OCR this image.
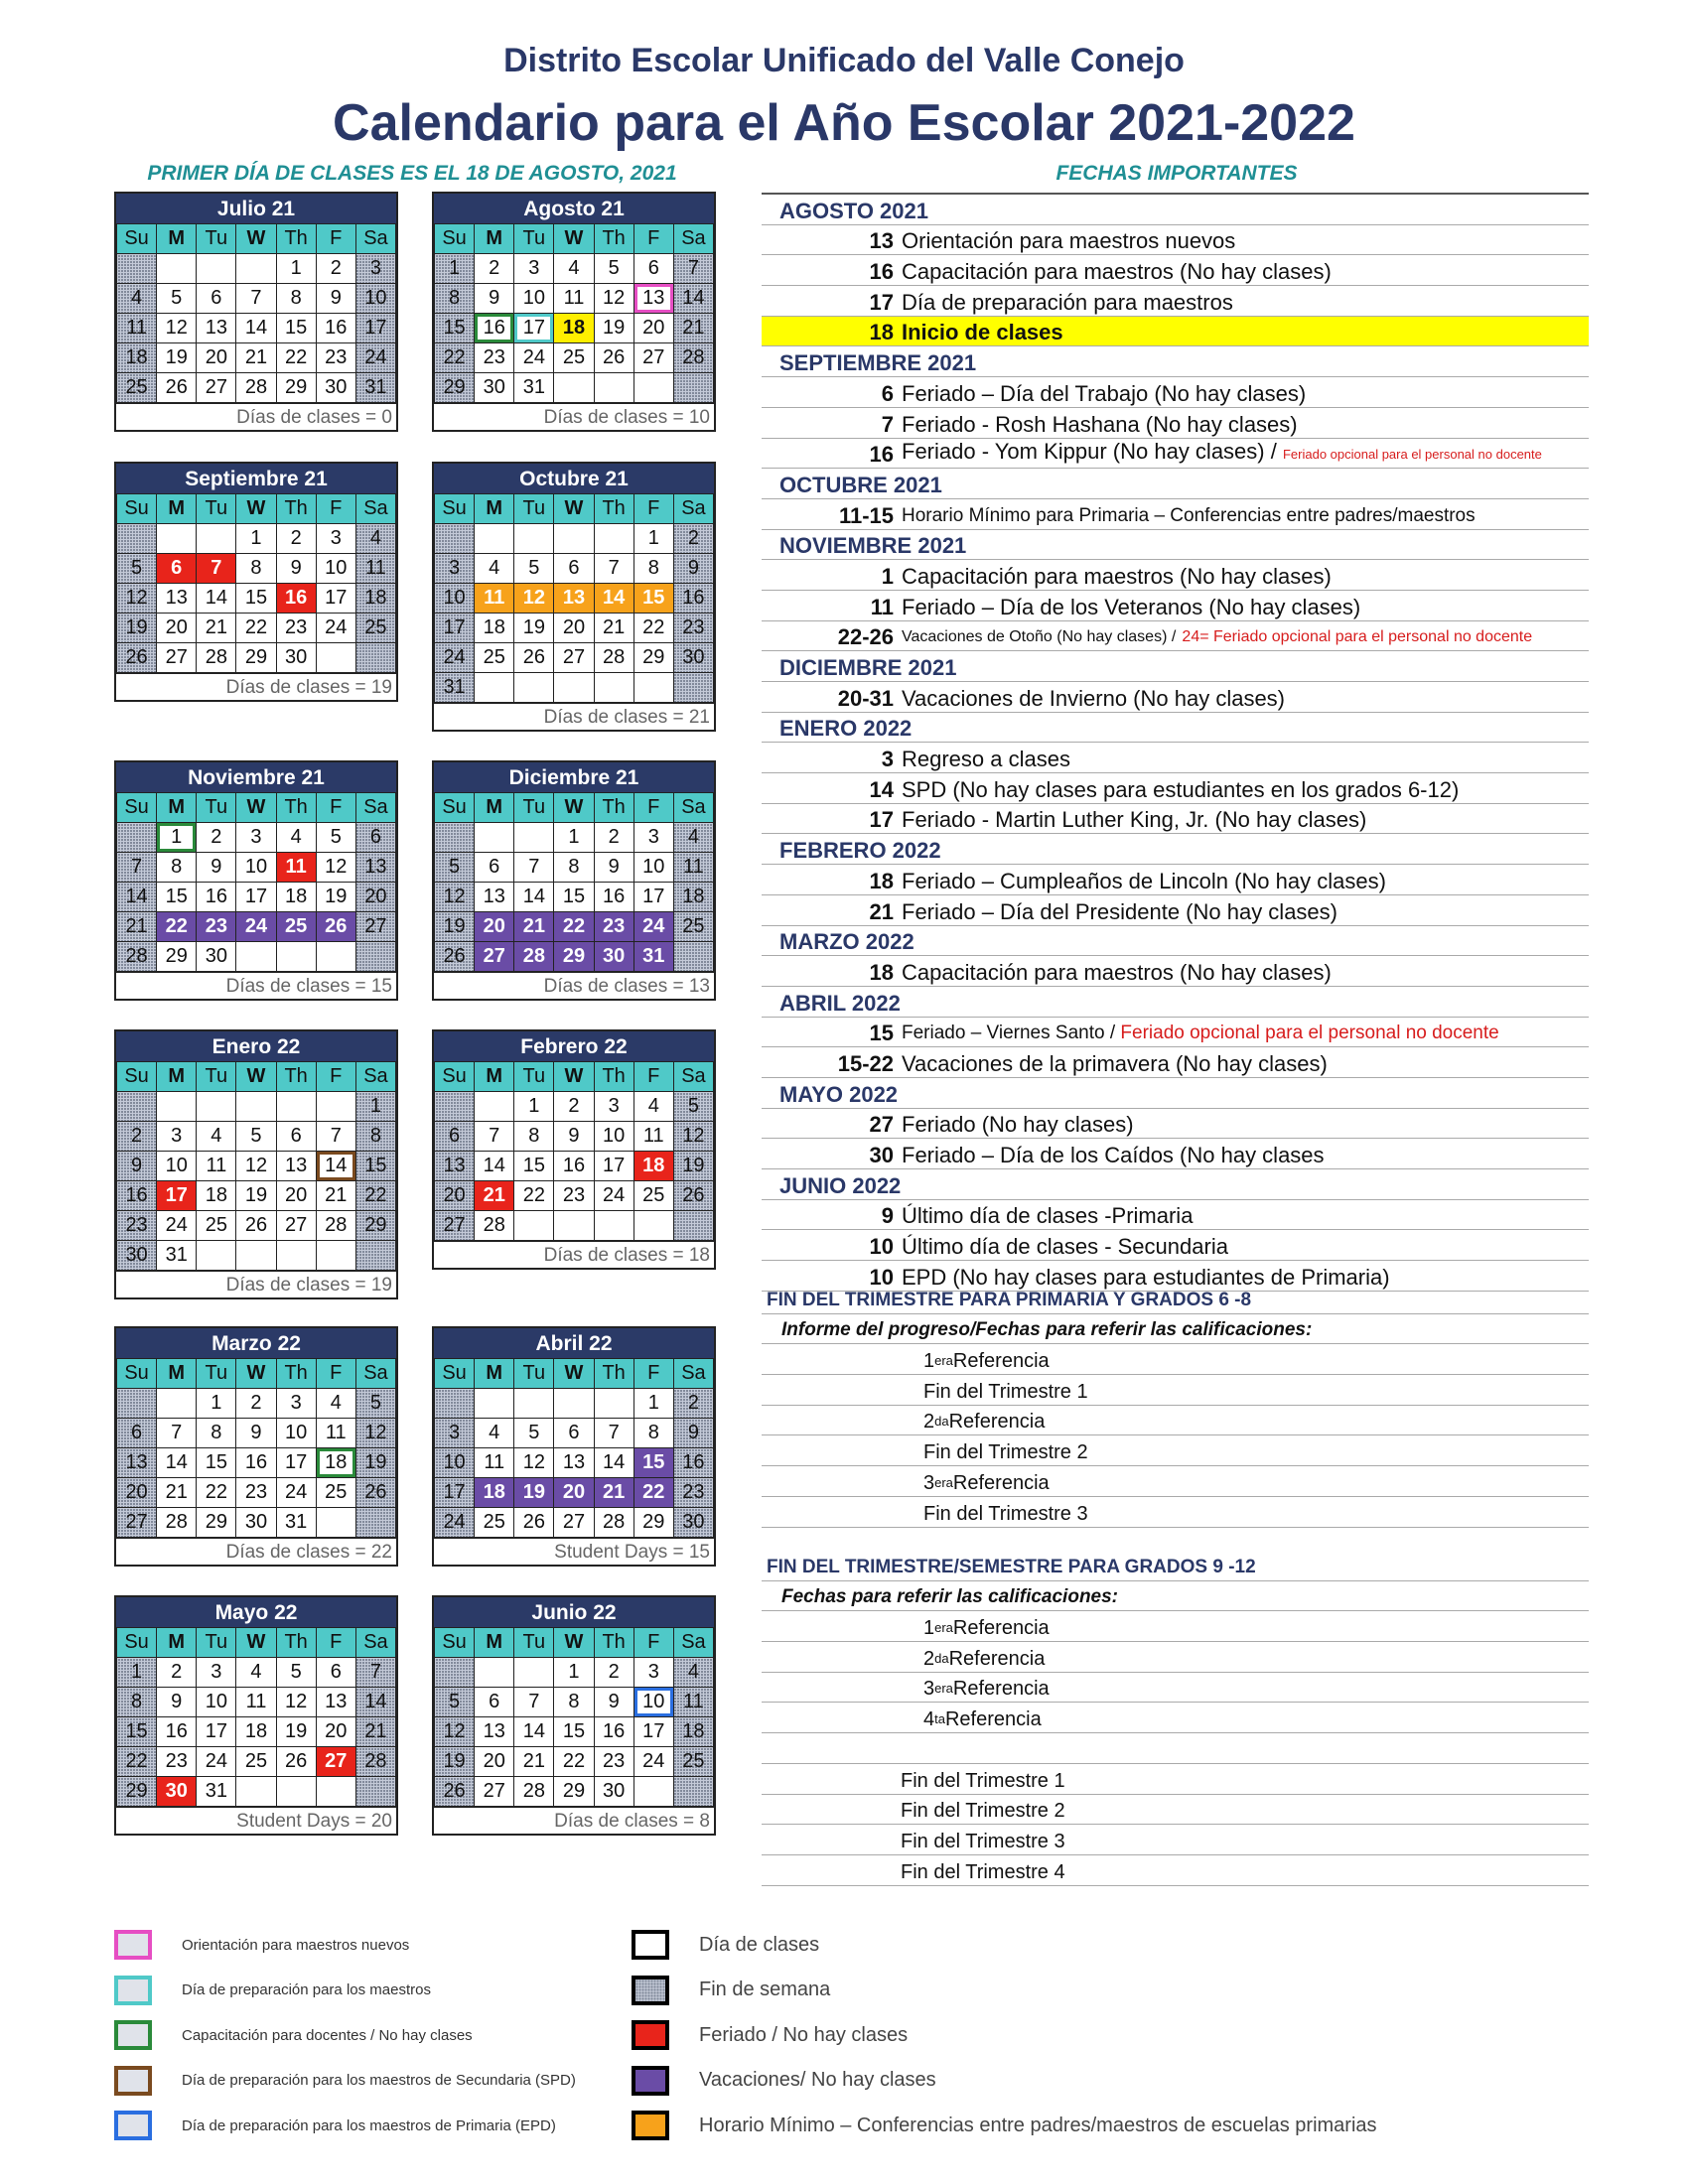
Distrito Escolar Unificado del Valle Conejo
Calendario para el Año Escolar 2021-2022
PRIMER DÍA DE CLASES ES EL 18 DE AGOSTO, 2021	FECHAS IMPORTANTES
Julio 21
Su	M	Tu	W	Th	F	Sa
				1	2	3
4	5	6	7	8	9	10
11	12	13	14	15	16	17
18	19	20	21	22	23	24
25	26	27	28	29	30	31
Días de clases = 0
Agosto 21
Su	M	Tu	W	Th	F	Sa
1	2	3	4	5	6	7
8	9	10	11	12	13	14
15	16	17	18	19	20	21
22	23	24	25	26	27	28
29	30	31				
Días de clases = 10
Septiembre 21
Su	M	Tu	W	Th	F	Sa
			1	2	3	4
5	6	7	8	9	10	11
12	13	14	15	16	17	18
19	20	21	22	23	24	25
26	27	28	29	30		
Días de clases = 19
Octubre 21
Su	M	Tu	W	Th	F	Sa
					1	2
3	4	5	6	7	8	9
10	11	12	13	14	15	16
17	18	19	20	21	22	23
24	25	26	27	28	29	30
31						
Días de clases = 21
Noviembre 21
Su	M	Tu	W	Th	F	Sa
	1	2	3	4	5	6
7	8	9	10	11	12	13
14	15	16	17	18	19	20
21	22	23	24	25	26	27
28	29	30				
Días de clases = 15
Diciembre 21
Su	M	Tu	W	Th	F	Sa
			1	2	3	4
5	6	7	8	9	10	11
12	13	14	15	16	17	18
19	20	21	22	23	24	25
26	27	28	29	30	31	
Días de clases = 13
Enero 22
Su	M	Tu	W	Th	F	Sa
						1
2	3	4	5	6	7	8
9	10	11	12	13	14	15
16	17	18	19	20	21	22
23	24	25	26	27	28	29
30	31					
Días de clases = 19
Febrero 22
Su	M	Tu	W	Th	F	Sa
		1	2	3	4	5
6	7	8	9	10	11	12
13	14	15	16	17	18	19
20	21	22	23	24	25	26
27	28					
Días de clases = 18
Marzo 22
Su	M	Tu	W	Th	F	Sa
		1	2	3	4	5
6	7	8	9	10	11	12
13	14	15	16	17	18	19
20	21	22	23	24	25	26
27	28	29	30	31		
Días de clases = 22
Abril 22
Su	M	Tu	W	Th	F	Sa
					1	2
3	4	5	6	7	8	9
10	11	12	13	14	15	16
17	18	19	20	21	22	23
24	25	26	27	28	29	30
Student Days = 15
Mayo 22
Su	M	Tu	W	Th	F	Sa
1	2	3	4	5	6	7
8	9	10	11	12	13	14
15	16	17	18	19	20	21
22	23	24	25	26	27	28
29	30	31				
Student Days = 20
Junio 22
Su	M	Tu	W	Th	F	Sa
			1	2	3	4
5	6	7	8	9	10	11
12	13	14	15	16	17	18
19	20	21	22	23	24	25
26	27	28	29	30		
Días de clases = 8
AGOSTO 2021
13 Orientación para maestros nuevos
16 Capacitación para maestros (No hay clases)
17 Día de preparación para maestros
18 Inicio de clases
SEPTIEMBRE 2021
6 Feriado – Día del Trabajo (No hay clases)
7 Feriado - Rosh Hashana (No hay clases)
16 Feriado - Yom Kippur (No hay clases) / Feriado opcional para el personal no docente
OCTUBRE 2021
11-15 Horario Mínimo para Primaria – Conferencias entre padres/maestros
NOVIEMBRE 2021
1 Capacitación para maestros (No hay clases)
11 Feriado – Día de los Veteranos (No hay clases)
22-26 Vacaciones de Otoño (No hay clases) / 24= Feriado opcional para el personal no docente
DICIEMBRE 2021
20-31 Vacaciones de Invierno (No hay clases)
ENERO 2022
3 Regreso a clases
14 SPD (No hay clases para estudiantes en los grados 6-12)
17 Feriado - Martin Luther King, Jr. (No hay clases)
FEBRERO 2022
18 Feriado – Cumpleaños de Lincoln (No hay clases)
21 Feriado – Día del Presidente (No hay clases)
MARZO 2022
18 Capacitación para maestros (No hay clases)
ABRIL 2022
15 Feriado – Viernes Santo / Feriado opcional para el personal no docente
15-22 Vacaciones de la primavera (No hay clases)
MAYO 2022
27 Feriado (No hay clases)
30 Feriado – Día de los Caídos (No hay clases
JUNIO 2022
9 Último día de clases -Primaria
10 Último día de clases - Secundaria
10 EPD (No hay clases para estudiantes de Primaria)
FIN DEL TRIMESTRE PARA PRIMARIA Y GRADOS 6 -8
Informe del progreso/Fechas para referir las calificaciones:
1 era Referencia
Fin del Trimestre 1
2 da Referencia
Fin del Trimestre 2
3 era Referencia
Fin del Trimestre 3
FIN DEL TRIMESTRE/SEMESTRE PARA GRADOS 9 -12
Fechas para referir las calificaciones:
1 era Referencia
2 da Referencia
3 era Referencia
4 ta Referencia
Fin del Trimestre 1
Fin del Trimestre 2
Fin del Trimestre 3
Fin del Trimestre 4
Orientación para maestros nuevos
Día de preparación para los maestros
Capacitación para docentes / No hay clases
Día de preparación para los maestros de Secundaria (SPD)
Día de preparación para los maestros de Primaria (EPD)
Día de clases
Fin de semana
Feriado / No hay clases
Vacaciones/ No hay clases
Horario Mínimo – Conferencias entre padres/maestros de escuelas primarias
